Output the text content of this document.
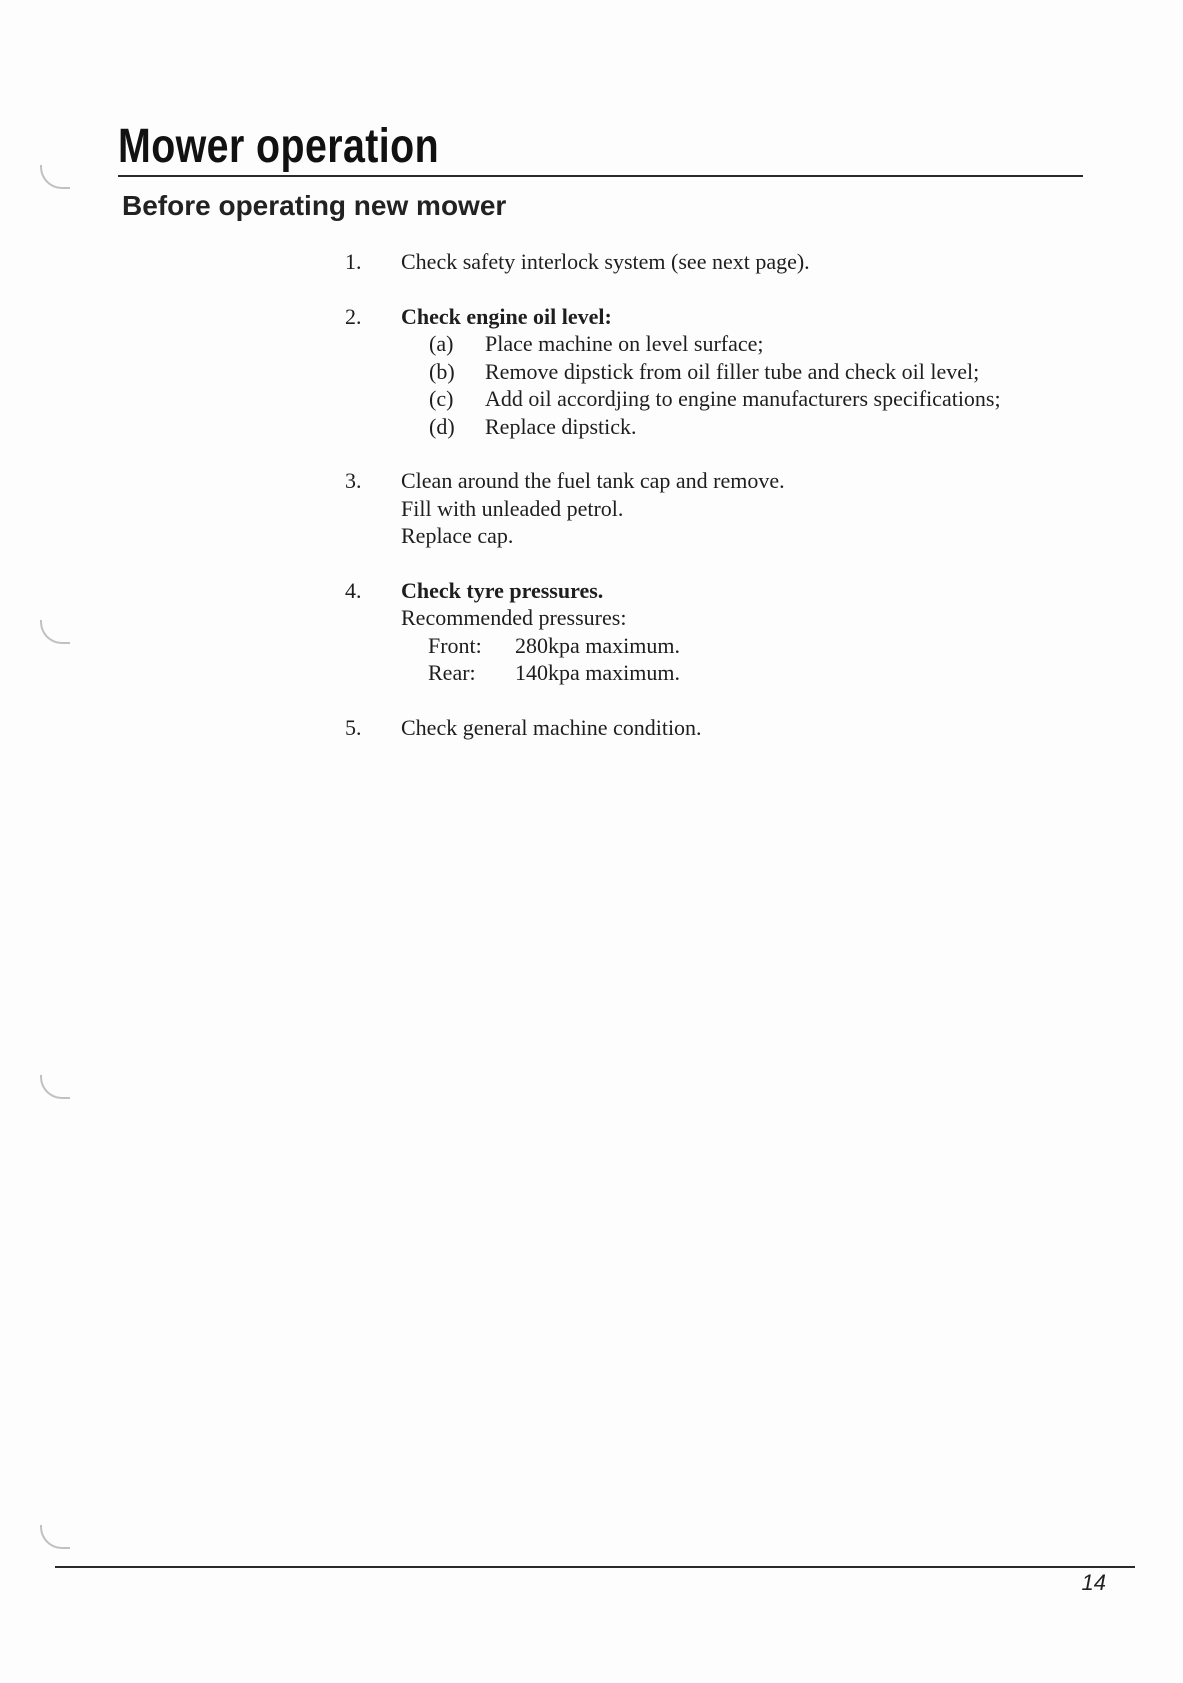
Mower operation
Before operating new mower
1.	Check safety interlock system (see next page).
2.	Check engine oil level:
(a) Place machine on level surface;
(b) Remove dipstick from oil filler tube and check oil level;
(c) Add oil accordjing to engine manufacturers specifications;
(d) Replace dipstick.
3.	Clean around the fuel tank cap and remove.
Fill with unleaded petrol.
Replace cap.
4.	Check tyre pressures.
Recommended pressures:
Front: 280kpa maximum.
Rear: 140kpa maximum.
5.	Check general machine condition.
14
